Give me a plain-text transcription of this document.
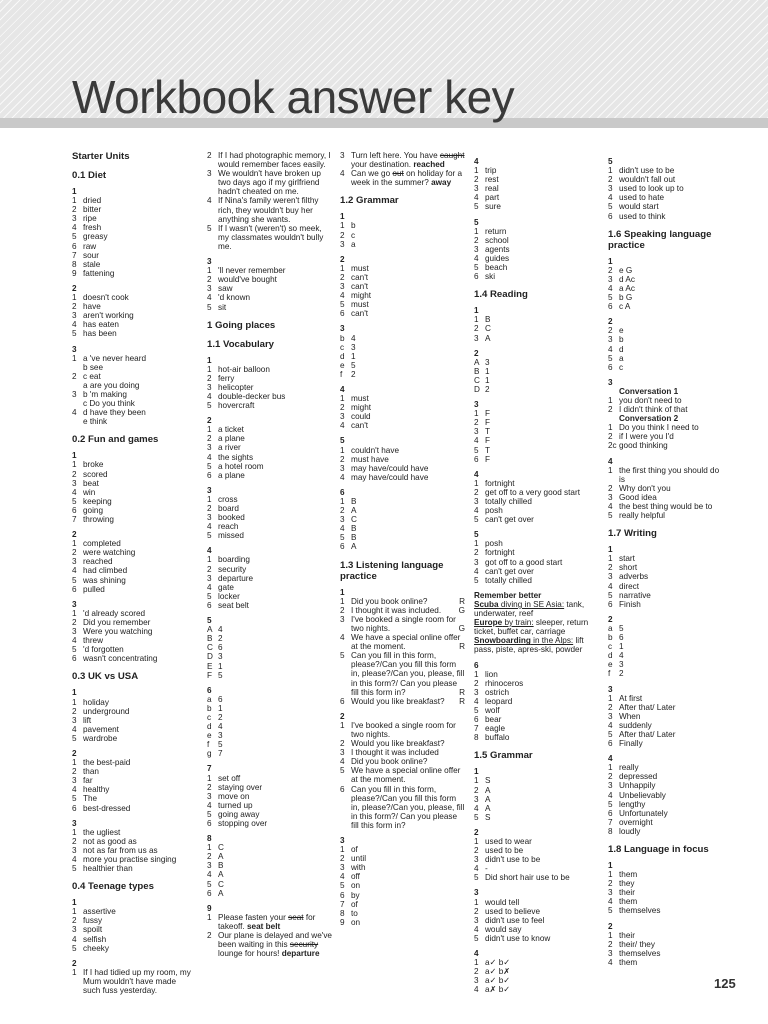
Workbook answer key
Starter Units
0.1 Diet
1
1 dried
2 bitter
3 ripe
4 fresh
5 greasy
6 raw
7 sour
8 stale
9 fattening
2
1 doesn't cook
2 have
3 aren't working
4 has eaten
5 has been
3
1 a 've never heard
b see
2 c eat
a are you doing
3 b 'm making
c Do you think
4 d have they been
e think
0.2 Fun and games
1
1 broke
2 scored
3 beat
4 win
5 keeping
6 going
7 throwing
2
1 completed
2 were watching
3 reached
4 had climbed
5 was shining
6 pulled
3
1 'd already scored
2 Did you remember
3 Were you watching
4 threw
5 'd forgotten
6 wasn't concentrating
0.3 UK vs USA
1
1 holiday
2 underground
3 lift
4 pavement
5 wardrobe
2
1 the best-paid
2 than
3 far
4 healthy
5 The
6 best-dressed
3
1 the ugliest
2 not as good as
3 not as far from us as
4 more you practise singing
5 healthier than
0.4 Teenage types
1
1 assertive
2 fussy
3 spoilt
4 selfish
5 cheeky
2
1 If I had tidied up my room, my Mum wouldn't have made such fuss yesterday.
2 If I had photographic memory, I would remember faces easily.
3 We wouldn't have broken up two days ago if my girlfriend hadn't cheated on me.
4 If Nina's family weren't filthy rich, they wouldn't buy her anything she wants.
5 If I wasn't (weren't) so meek, my classmates wouldn't bully me.
3
1 'll never remember
2 would've bought
3 saw
4 'd known
5 sit
1 Going places
1.1 Vocabulary
1
1 hot-air balloon
2 ferry
3 helicopter
4 double-decker bus
5 hovercraft
2
1 a ticket
2 a plane
3 a river
4 the sights
5 a hotel room
6 a plane
3
1 cross
2 board
3 booked
4 reach
5 missed
4
1 boarding
2 security
3 departure
4 gate
5 locker
6 seat belt
5
A 4
B 2
C 6
D 3
E 1
F 5
6
a 6
b 1
c 2
d 4
e 3
f	5
g 7
7
1 set off
2 staying over
3 move on
4 turned up
5 going away
6 stopping over
8
1 C
2 A
3 B
4 A
5 C
6 A
9
1 Please fasten your seat for takeoff. seat belt
2 Our plane is delayed and we've been waiting in this security lounge for hours! departure
3 Turn left here. You have caught your destination. reached
4 Can we go out on holiday for a week in the summer? away
1.2 Grammar
1
1 b
2 c
3 a
2
1 must
2 can't
3 can't
4 might
5 must
6 can't
3
b 4
c 3
d 1
e 5
f	2
4
1 must
2 might
3 could
4 can't
5
1 couldn't have
2 must have
3 may have/could have
4 may have/could have
6
1 B
2 A
3 C
4 B
5 B
6 A
1.3 Listening language practice
1
1 Did you book online?	R
2 I thought it was included. G
3 I've booked a single room for two nights.	G
4 We have a special online offer at the moment.	R
5 Can you fill in this form, please?/Can you fill this form in, please?/Can you, please, fill in this form?/ Can you please fill this form in?	R
6 Would you like breakfast? R
2
1 I've booked a single room for two nights.
2 Would you like breakfast?
3 I thought it was included
4 Did you book online?
5 We have a special online offer at the moment.
6 Can you fill in this form, please?/Can you fill this form in, please?/Can you, please, fill in this form?/ Can you please fill this form in?
3
1 of
2 until
3 with
4 off
5 on
6 by
7 of
8 to
9 on
4
1 trip
2 rest
3 real
4 part
5 sure
5
1 return
2 school
3 agents
4 guides
5 beach
6 ski
1.4 Reading
1
1 B
2 C
3 A
2
A 3
B 1
C 1
D 2
3
1 F
2 F
3 T
4 F
5 T
6 F
4
1 fortnight
2 get off to a very good start
3 totally chilled
4 posh
5 can't get over
5
1 posh
2 fortnight
3 got off to a good start
4 can't get over
5 totally chilled
Remember better
Scuba diving in SE Asia: tank, underwater, reef
Europe by train: sleeper, return ticket, buffet car, carriage
Snowboarding in the Alps: lift pass, piste, apres-ski, powder
6
1 lion
2 rhinoceros
3 ostrich
4 leopard
5 wolf
6 bear
7 eagle
8 buffalo
1.5 Grammar
1
1 S
2 A
3 A
4 A
5 S
2
1 used to wear
2 used to be
3 didn't use to be
4 -
5 Did short hair use to be
3
1 would tell
2 used to believe
3 didn't use to feel
4 would say
5 didn't use to know
4
1 a✓ b✓
2 a✓ b✗
3 a✓ b✓
4 a✗ b✓
5
1 didn't use to be
2 wouldn't fall out
3 used to look up to
4 used to hate
5 would start
6 used to think
1.6 Speaking language practice
1
2 e G
3 d Ac
4 a Ac
5 b G
6 c A
2
2 e
3 b
4 d
5 a
6 c
3
Conversation 1
1 you don't need to
2 I didn't think of that
Conversation 2
1 Do you think I need to
2 if I were you I'd
2c good thinking
4
1 the first thing you should do is
2 Why don't you
3 Good idea
4 the best thing would be to
5 really helpful
1.7 Writing
1
1 start
2 short
3 adverbs
4 direct
5 narrative
6 Finish
2
a 5
b 6
c 1
d 4
e 3
f	2
3
1 At first
2 After that/ Later
3 When
4 suddenly
5 After that/ Later
6 Finally
4
1 really
2 depressed
3 Unhappily
4 Unbelievably
5 lengthy
6 Unfortunately
7 overnight
8 loudly
1.8 Language in focus
1
1 them
2 they
3 their
4 them
5 themselves
2
1 their
2 their/ they
3 themselves
4 them
125
